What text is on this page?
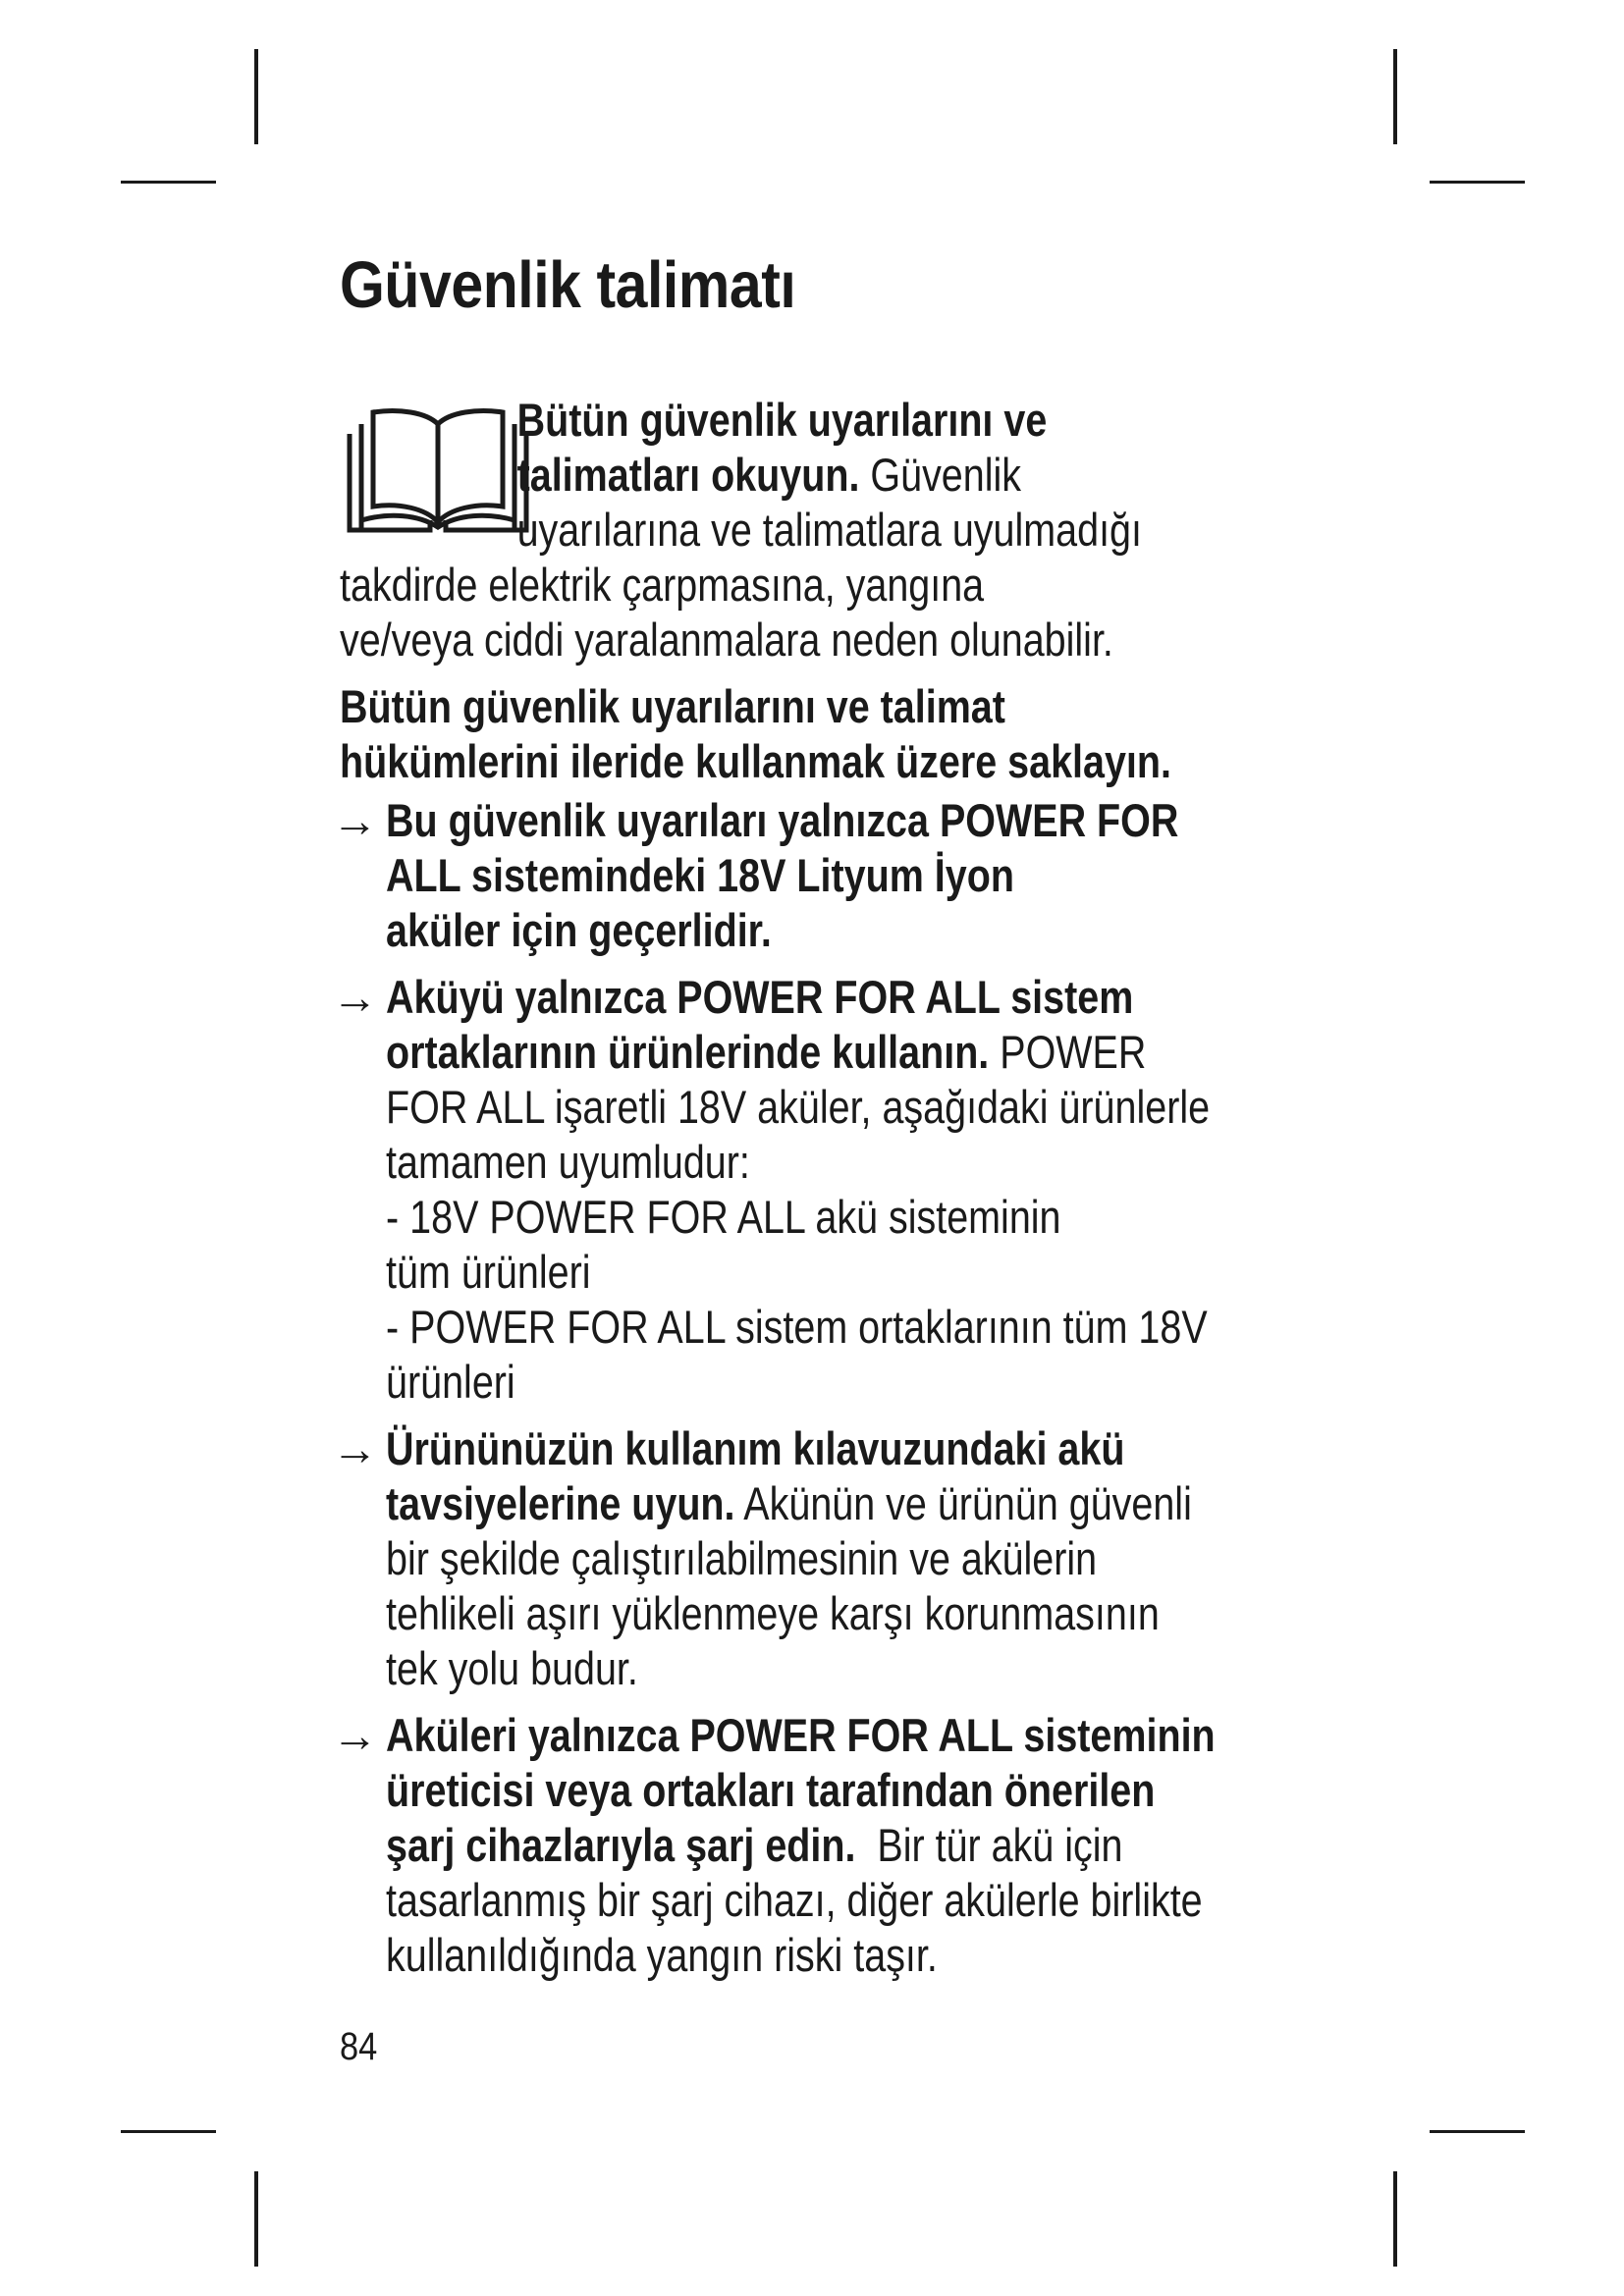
Güvenlik talimatı
Bütün güvenlik uyarılarını ve
talimatları okuyun. Güvenlik
uyarılarına ve talimatlara uyulmadığı
takdirde elektrik çarpmasına, yangına
ve/veya ciddi yaralanmalara neden olunabilir.
Bütün güvenlik uyarılarını ve talimat
hükümlerini ileride kullanmak üzere saklayın.
→ Bu güvenlik uyarıları yalnızca POWER FOR
ALL sistemindeki 18V Lityum İyon
aküler için geçerlidir.
→ Aküyü yalnızca POWER FOR ALL sistem
ortaklarının ürünlerinde kullanın. POWER
FOR ALL işaretli 18V aküler, aşağıdaki ürünlerle
tamamen uyumludur:
- 18V POWER FOR ALL akü sisteminin
tüm ürünleri
- POWER FOR ALL sistem ortaklarının tüm 18V
ürünleri
→ Ürününüzün kullanım kılavuzundaki akü
tavsiyelerine uyun. Akünün ve ürünün güvenli
bir şekilde çalıştırılabilmesinin ve akülerin
tehlikeli aşırı yüklenmeye karşı korunmasının
tek yolu budur.
→ Aküleri yalnızca POWER FOR ALL sisteminin
üreticisi veya ortakları tarafından önerilen
şarj cihazlarıyla şarj edin.  Bir tür akü için
tasarlanmış bir şarj cihazı, diğer akülerle birlikte
kullanıldığında yangın riski taşır.
84
